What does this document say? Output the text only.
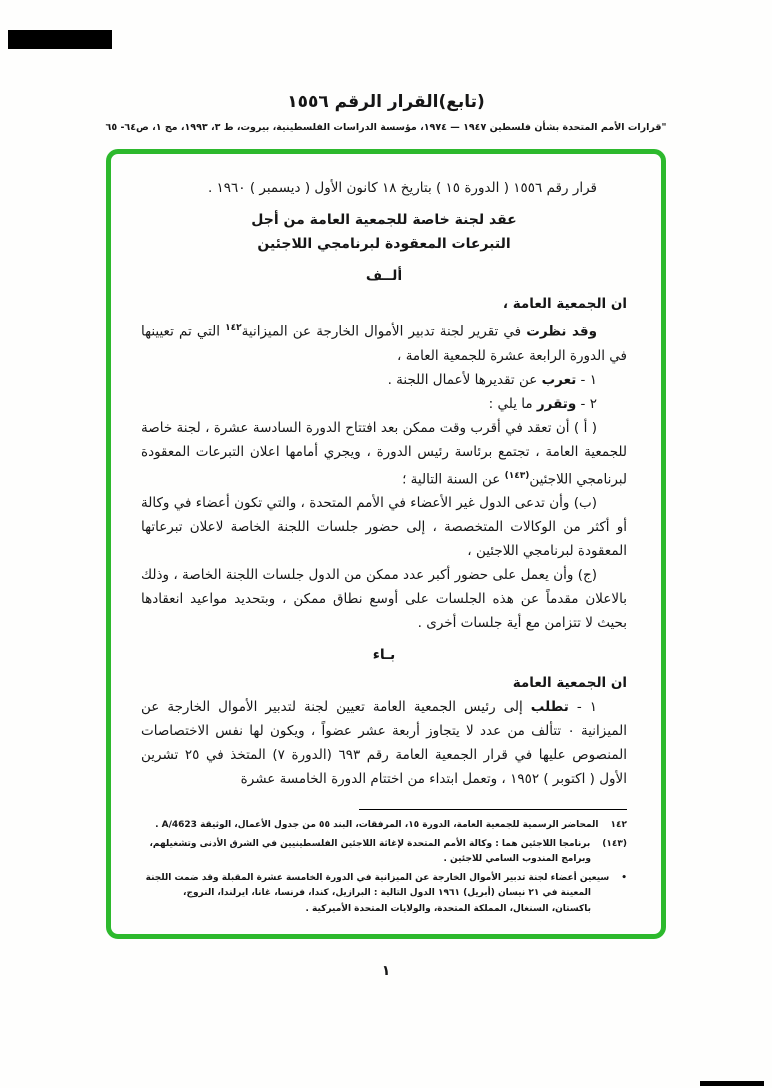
(تابع)القرار الرقم ١٥٥٦

"قرارات الأمم المتحدة بشأن فلسطين ١٩٤٧ — ١٩٧٤، مؤسسة الدراسات الفلسطينية، بيروت، ط ٣، ١٩٩٣، مج ١، ص٦٤- ٦٥

قرار رقم ١٥٥٦ ( الدورة ١٥ ) بتاريخ ١٨ كانون الأول ( ديسمبر ) ١٩٦٠ .

عقد لجنة خاصة للجمعية العامة من أجل
التبرعات المعقودة لبرنامجي اللاجئين
ألــف

ان الجمعية العامة ،

وقد نظرت في تقرير لجنة تدبير الأموال الخارجة عن الميزانية$^{١٤٢}$ التي تم تعيينها في الدورة الرابعة عشرة للجمعية العامة ،

١ - تعرب عن تقديرها لأعمال اللجنة .

٢ - وتقرر ما يلي :

( أ ) أن تعقد في أقرب وقت ممكن بعد افتتاح الدورة السادسة عشرة ، لجنة خاصة للجمعية العامة ، تجتمع برئاسة رئيس الدورة ، ويجري أمامها اعلان التبرعات المعقودة لبرنامجي اللاجئين$^{(١٤٣)}$ عن السنة التالية ؛

(ب) وأن تدعى الدول غير الأعضاء في الأمم المتحدة ، والتي تكون أعضاء في وكالة أو أكثر من الوكالات المتخصصة ، إلى حضور جلسات اللجنة الخاصة لاعلان تبرعاتها المعقودة لبرنامجي اللاجئين ،

(ج) وأن يعمل على حضور أكبر عدد ممكن من الدول جلسات اللجنة الخاصة ، وذلك بالاعلان مقدماً عن هذه الجلسات على أوسع نطاق ممكن ، وبتحديد مواعيد انعقادها بحيث لا تتزامن مع أية جلسات أخرى .

بـاء

ان الجمعية العامة

١ - تطلب إلى رئيس الجمعية العامة تعيين لجنة لتدبير الأموال الخارجة عن الميزانية ٠ تتألف من عدد لا يتجاوز أربعة عشر عضواً ، ويكون لها نفس الاختصاصات المنصوص عليها في قرار الجمعية العامة رقم ٦٩٣ (الدورة ٧) المتخذ في ٢٥ تشرين الأول ( اكتوبر ) ١٩٥٢ ، وتعمل ابتداء من اختتام الدورة الخامسة عشرة

١٤٢المحاضر الرسمية للجمعية العامة، الدورة ١٥، المرفقات، البند ٥٥ من جدول الأعمال، الوثيقة A/4623 .

(١٤٣)برنامجا اللاجئين هما : وكالة الأمم المتحدة لإغاثة اللاجئين الفلسطينيين في الشرق الأدنى وتشغيلهم، وبرامج المندوب السامي للاجئين .

•سيعين أعضاء لجنة تدبير الأموال الخارجة عن الميزانية في الدورة الخامسة عشرة المقبلة وقد ضمت اللجنة المعينة في ٢١ نيسان (أبريل) ١٩٦١ الدول التالية : البرازيل، كندا، فرنسا، غانا، ايرلندا، النروج، باكستان، السنغال، المملكة المتحدة، والولايات المتحدة الأميركية .

١
